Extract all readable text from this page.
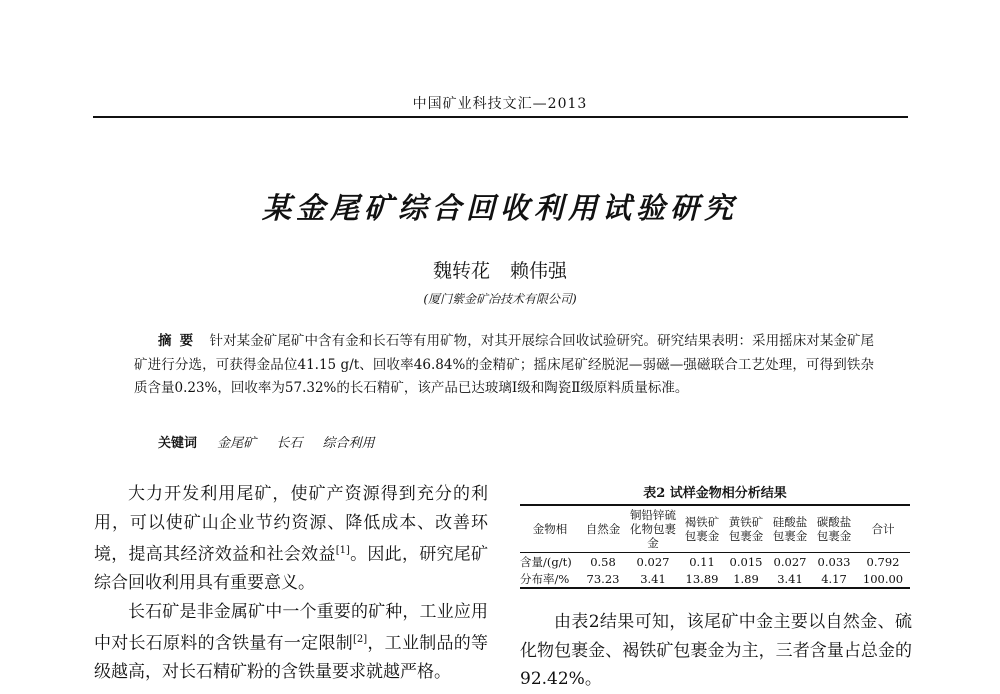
中国矿业科技文汇—2013
某金尾矿综合回收利用试验研究
魏转花 赖伟强
(厦门紫金矿冶技术有限公司)
摘要 针对某金矿尾矿中含有金和长石等有用矿物，对其开展综合回收试验研究。研究结果表明：采用摇床对某金矿尾矿进行分选，可获得金品位41.15 g/t、回收率46.84%的金精矿；摇床尾矿经脱泥—弱磁—强磁联合工艺处理，可得到铁杂质含量0.23%，回收率为57.32%的长石精矿，该产品已达玻璃Ⅰ级和陶瓷Ⅱ级原料质量标准。
关键词 金尾矿 长石 综合利用

大力开发利用尾矿，使矿产资源得到充分的利用，可以使矿山企业节约资源、降低成本、改善环境，提高其经济效益和社会效益[1]。因此，研究尾矿综合回收利用具有重要意义。

长石矿是非金属矿中一个重要的矿种，工业应用中对长石原料的含铁量有一定限制[2]，工业制品的等级越高，对长石精矿粉的含铁量要求就越严格。

表2 试样金物相分析结果
金物相	自然金	铜铅锌硫化物包裹金	褐铁矿包裹金	黄铁矿包裹金	硅酸盐包裹金	碳酸盐包裹金	合计
含量/(g/t)	0.58	0.027	0.11	0.015	0.027	0.033	0.792
分布率/%	73.23	3.41	13.89	1.89	3.41	4.17	100.00

由表2结果可知，该尾矿中金主要以自然金、硫化物包裹金、褐铁矿包裹金为主，三者含量占总金的92.42%。
